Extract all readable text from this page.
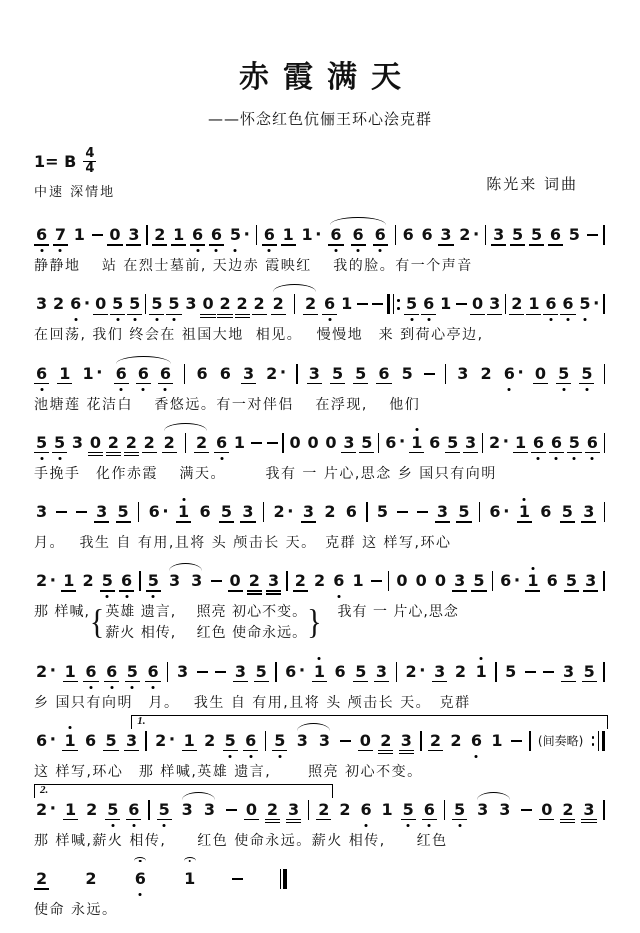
赤霞满天
——怀念红色伉俪王环心浍克群
1= B $\frac{4}{4}$
中速 深情地	陈光来 词曲
6 7 1 0 3 2 1 6 6 5 · 6 1 1 · 6 6 6 6 6 3 2 · 3 5 5 6 5
静静地　 站 在烈士墓前, 天边赤 霞映红　 我的脸。有一个声音
3 2 6 · 0 5 5 5 5 3 0 2 2 2 2 2 6 1	5 6 1 0 3 2 1 6 6 5 ·
在回荡, 我们 终会在 祖国大地  相见。　 慢慢地　来 到荷心亭边,
6 1 1 · 6 6 6 6 6 3 2 · 3 5 5 6 5	3 2 6 · 0 5 5
池塘莲 花洁白　 香悠远。有一对伴侣　 在浮现,　 他们
5 5 3 0 2 2 2 2 2 6 1	0 0 0 3 5 6 · 1 6 5 3 2 · 1 6 6 5 6
手挽手　化作赤霞　 满天。　　　我有 一 片心,思念 乡 国只有向明
3	3 5 6 · 1 6 5 3 2 · 3 2 6 5	3 5 6 · 1 6 5 3
月。　 我生 自 有用,且将 头 颅击长 天。　克群 这 样写,环心
2 · 1 2 5 6 5 3 3 0 2 3 2 2 6 1 0 0 0 3 5 6 · 1 6 5 3
那 样喊, { 英雄 遗言,　 照亮 初心不变。
薪火 相传,　 红色 使命永远。 } 　我有 一 片心,思念
2 · 1 6 6 5 6 3	3 5 6 · 1 6 5 3 2 · 3 2 1 5	3 5
乡 国只有向明　月。　 我生 自 有用,且将 头 颅击长 天。　克群
1.
6 · 1 6 5 3 2 · 1 2 5 6 5 3 3 0 2 3 2 2 6 1	(间奏略)
这 样写,环心　那 样喊,英雄 遗言,　　 照亮 初心不变。
2.
2 · 1 2 5 6 5 3 3 0 2 3 2 2 6 1 5 6 5 3 3 0 2 3
那 样喊,薪火 相传,　　红色 使命永远。薪火 相传,　　红色
2 2 6 1
使命 永远。
